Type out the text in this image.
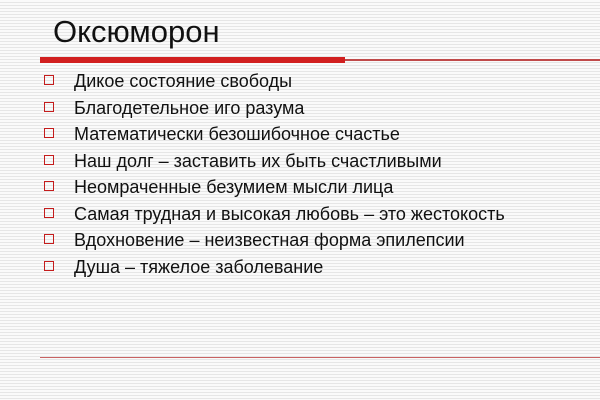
Оксюморон
Дикое состояние свободы
Благодетельное иго разума
Математически безошибочное счастье
Наш долг – заставить их быть счастливыми
Неомраченные безумием мысли лица
Самая трудная и высокая любовь – это жестокость
Вдохновение – неизвестная форма эпилепсии
Душа – тяжелое заболевание
